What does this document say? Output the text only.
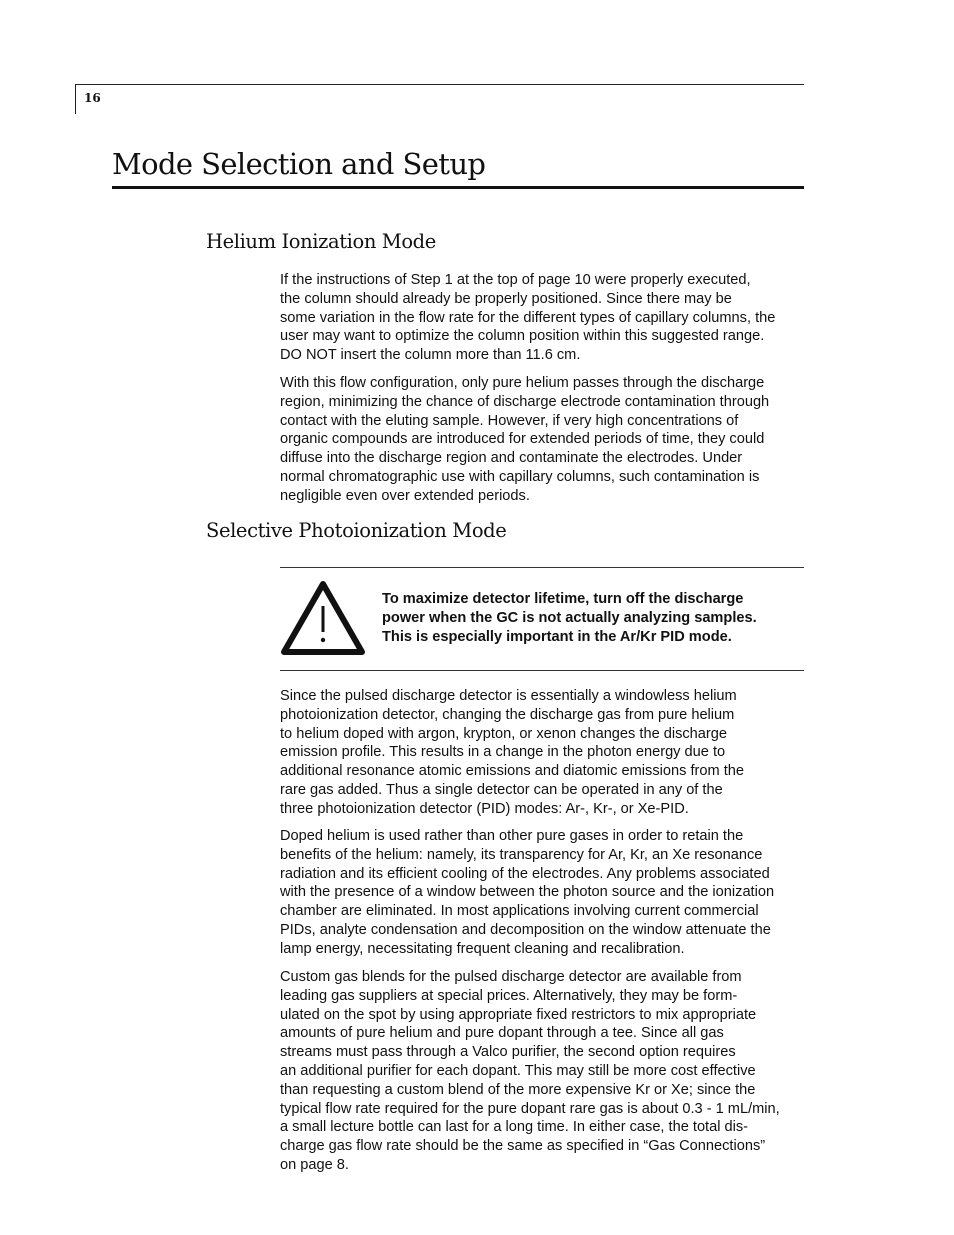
16
Mode Selection and Setup
Helium Ionization Mode

If the instructions of Step 1 at the top of page 10 were properly executed,
the column should already be properly positioned. Since there may be
some variation in the flow rate for the different types of capillary columns, the
user may want to optimize the column position within this suggested range.
DO NOT insert the column more than 11.6 cm.

With this flow configuration, only pure helium passes through the discharge
region, minimizing the chance of discharge electrode contamination through
contact with the eluting sample. However, if very high concentrations of
organic compounds are introduced for extended periods of time, they could
diffuse into the discharge region and contaminate the electrodes. Under
normal chromatographic use with capillary columns, such contamination is
negligible even over extended periods.

Selective Photoionization Mode

To maximize detector lifetime, turn off the discharge
power when the GC is not actually analyzing samples.
This is especially important in the Ar/Kr PID mode.

Since the pulsed discharge detector is essentially a windowless helium
photoionization detector, changing the discharge gas from pure helium
to helium doped with argon, krypton, or xenon changes the discharge
emission profile. This results in a change in the photon energy due to
additional resonance atomic emissions and diatomic emissions from the
rare gas added. Thus a single detector can be operated in any of the
three photoionization detector (PID) modes: Ar-, Kr-, or Xe-PID.

Doped helium is used rather than other pure gases in order to retain the
benefits of the helium: namely, its transparency for Ar, Kr, an Xe resonance
radiation and its efficient cooling of the electrodes. Any problems associated
with the presence of a window between the photon source and the ionization
chamber are eliminated. In most applications involving current commercial
PIDs, analyte condensation and decomposition on the window attenuate the
lamp energy, necessitating frequent cleaning and recalibration.

Custom gas blends for the pulsed discharge detector are available from
leading gas suppliers at special prices. Alternatively, they may be form-
ulated on the spot by using appropriate fixed restrictors to mix appropriate
amounts of pure helium and pure dopant through a tee. Since all gas
streams must pass through a Valco purifier, the second option requires
an additional purifier for each dopant. This may still be more cost effective
than requesting a custom blend of the more expensive Kr or Xe; since the
typical flow rate required for the pure dopant rare gas is about 0.3 - 1 mL/min,
a small lecture bottle can last for a long time. In either case, the total dis-
charge gas flow rate should be the same as specified in “Gas Connections”
on page 8.
